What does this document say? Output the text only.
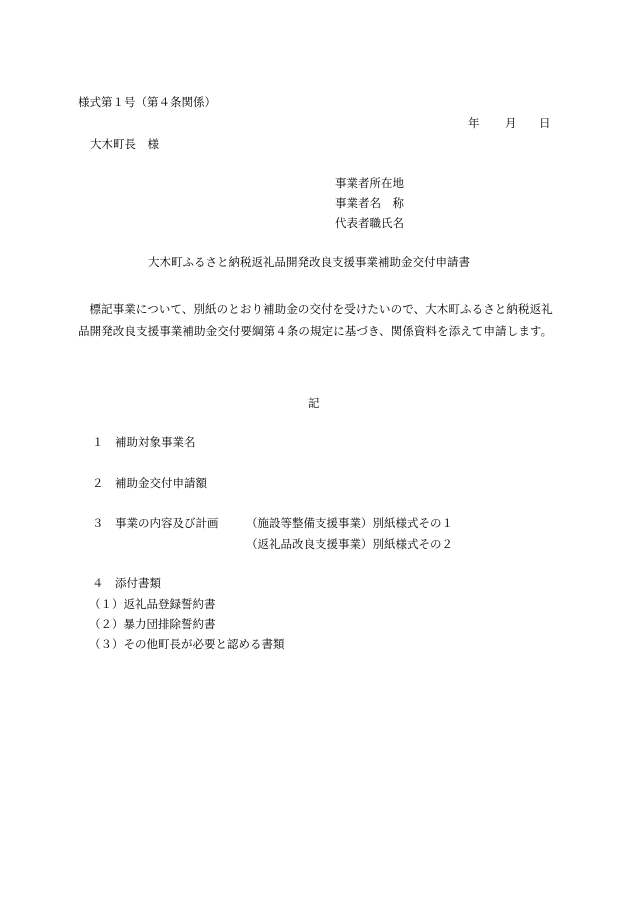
様式第１号（第４条関係）
年 月 日
大木町長　様
事業者所在地
事業者名　称
代表者職氏名
大木町ふるさと納税返礼品開発改良支援事業補助金交付申請書
標記事業について、別紙のとおり補助金の交付を受けたいので、大木町ふるさと納税返礼品開発改良支援事業補助金交付要綱第４条の規定に基づき、関係資料を添えて申請します。
記
１ 補助対象事業名
２ 補助金交付申請額
３ 事業の内容及び計画 （施設等整備支援事業）別紙様式その１
（返礼品改良支援事業）別紙様式その２
４ 添付書類
（１）返礼品登録誓約書
（２）暴力団排除誓約書
（３）その他町長が必要と認める書類
